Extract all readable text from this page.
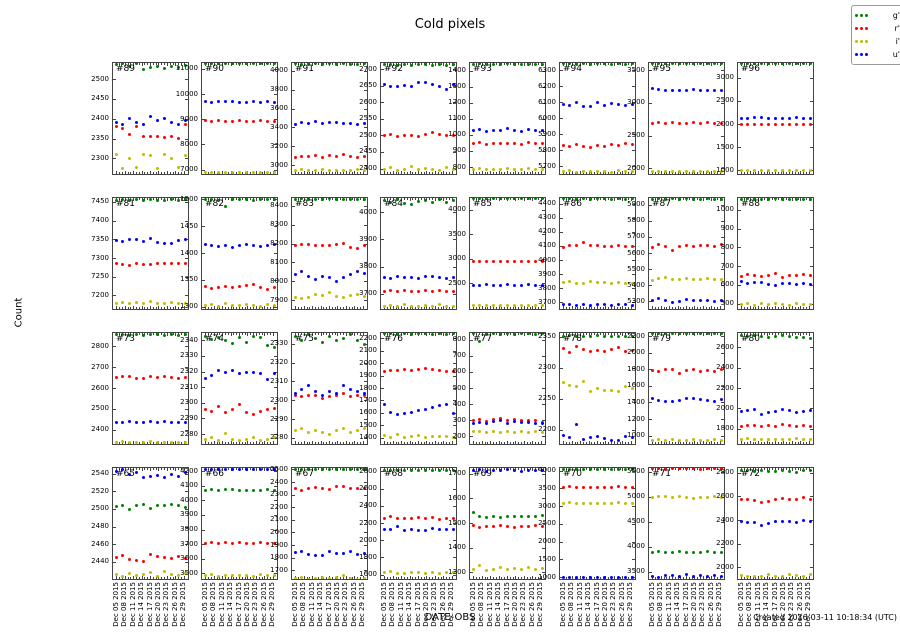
Cold pixels
Count
DATE-OBS	Created 2016-03-11 10:18:34 (UTC)
g'
r'
i'
u'
#89
2300
2350
2400
2450
2500
#90
7000
8000
9000
10000
11000	#91
3000
3200
3400
3600
3800
4000	#92
2400
2450
2500
2550
2600
2650
2700	#93
800
900
1000
1100
1200
1300
1400	#94
5700
5800
5900
6000
6100
6200
6300	#95
2000
2500
3000
3500	#96
1000
1500
2000
2500
3000
#81
7200
7250
7300
7350
7400
7450	#82
1300
1350
1400
1450
1500
#83
7900
8000
8100
8200
8300
8400	#84
3700
3800
3900
4000
#85
2500
3000
3500
4000	#86
3700
3800
3900
4000
4100
4200
4300
4400	#87
5300
5400
5500
5600
5700
5800
5900	#88
500
600
700
800
900
1000
#73
2400
2500
2600
2700
2800
#74
2280
2290
2300
2310
2320
2330
2340	#75
2280
2290
2300
2310
2320
2330	#76
1400
1500
1600
1700
1800
1900
2000
2100
2200	#77
200
300
400
500
600
700
800	#78
2200
2250
2300
2350	#79
1000
1200
1400
1600
1800
2000
2200	#80
1800
2000
2200
2400
2600
#65
2440
2460
2480
2500
2520
2540
Dec 05 2015 Dec 08 2015 Dec 11 2015 Dec 14 2015 Dec 17 2015 Dec 20 2015 Dec 23 2015 Dec 26 2015 Dec 29 2015
#66
3500
3600
3700
3800
3900
4000
4100
4200
Dec 05 2015 Dec 08 2015 Dec 11 2015 Dec 14 2015 Dec 17 2015 Dec 20 2015 Dec 23 2015 Dec 26 2015 Dec 29 2015
#67
1700
1800
1900
2000
2100
2200
2300
2400
2500
Dec 05 2015 Dec 08 2015 Dec 11 2015 Dec 14 2015 Dec 17 2015 Dec 20 2015 Dec 23 2015 Dec 26 2015 Dec 29 2015
#68
1600
1800
2000
2200
2400
2600
2800
Dec 05 2015 Dec 08 2015 Dec 11 2015 Dec 14 2015 Dec 17 2015 Dec 20 2015 Dec 23 2015 Dec 26 2015 Dec 29 2015
#69
1300
1400
1500
1600
1700
Dec 05 2015 Dec 08 2015 Dec 11 2015 Dec 14 2015 Dec 17 2015 Dec 20 2015 Dec 23 2015 Dec 26 2015 Dec 29 2015
#70
1000
1500
2000
2500
3000
3500
4000
Dec 05 2015 Dec 08 2015 Dec 11 2015 Dec 14 2015 Dec 17 2015 Dec 20 2015 Dec 23 2015 Dec 26 2015 Dec 29 2015
#71
3500
4000
4500
5000
5500
Dec 05 2015 Dec 08 2015 Dec 11 2015 Dec 14 2015 Dec 17 2015 Dec 20 2015 Dec 23 2015 Dec 26 2015 Dec 29 2015
#72
2000
2200
2400
2600
2800
Dec 05 2015 Dec 08 2015 Dec 11 2015 Dec 14 2015 Dec 17 2015 Dec 20 2015 Dec 23 2015 Dec 26 2015 Dec 29 2015
